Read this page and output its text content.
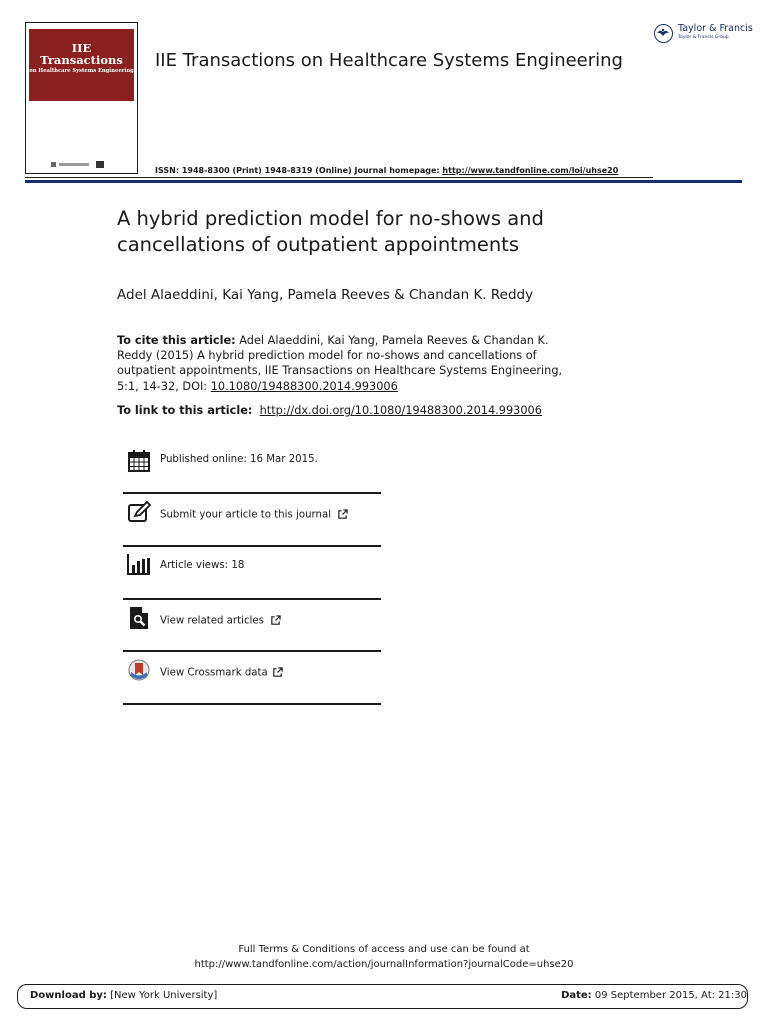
IIE Transactions
on Healthcare Systems Engineering IIE Transactions on Healthcare Systems Engineering
Taylor & Francis
Taylor & Francis Group
ISSN: 1948-8300 (Print) 1948-8319 (Online) Journal homepage: http://www.tandfonline.com/loi/uhse20
A hybrid prediction model for no-shows and cancellations of outpatient appointments
Adel Alaeddini, Kai Yang, Pamela Reeves & Chandan K. Reddy
To cite this article: Adel Alaeddini, Kai Yang, Pamela Reeves & Chandan K. Reddy (2015) A hybrid prediction model for no-shows and cancellations of outpatient appointments, IIE Transactions on Healthcare Systems Engineering, 5:1, 14-32, DOI: 10.1080/19488300.2014.993006
To link to this article: http://dx.doi.org/10.1080/19488300.2014.993006
Published online: 16 Mar 2015.
Submit your article to this journal
Article views: 18
View related articles
View Crossmark data
Full Terms & Conditions of access and use can be found at
http://www.tandfonline.com/action/journalInformation?journalCode=uhse20
Download by: [New York University]	Date: 09 September 2015, At: 21:30
